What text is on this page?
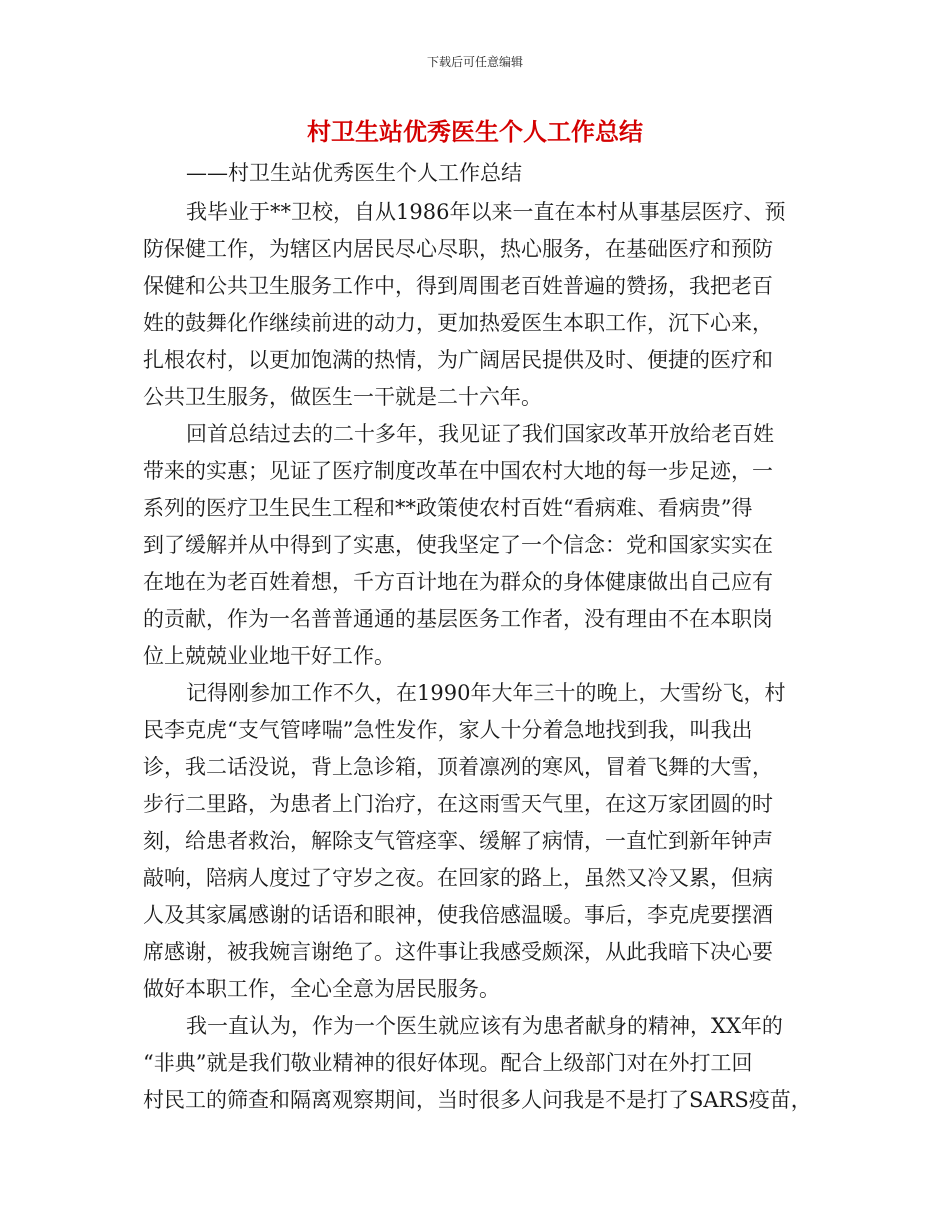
下载后可任意编辑
村卫生站优秀医生个人工作总结
——村卫生站优秀医生个人工作总结
我毕业于**卫校，自从1986年以来一直在本村从事基层医疗、预
防保健工作，为辖区内居民尽心尽职，热心服务，在基础医疗和预防
保健和公共卫生服务工作中，得到周围老百姓普遍的赞扬，我把老百
姓的鼓舞化作继续前进的动力，更加热爱医生本职工作，沉下心来，
扎根农村，以更加饱满的热情，为广阔居民提供及时、便捷的医疗和
公共卫生服务，做医生一干就是二十六年。
回首总结过去的二十多年，我见证了我们国家改革开放给老百姓
带来的实惠；见证了医疗制度改革在中国农村大地的每一步足迹，一
系列的医疗卫生民生工程和**政策使农村百姓“看病难、看病贵”得
到了缓解并从中得到了实惠，使我坚定了一个信念：党和国家实实在
在地在为老百姓着想，千方百计地在为群众的身体健康做出自己应有
的贡献，作为一名普普通通的基层医务工作者，没有理由不在本职岗
位上兢兢业业地干好工作。
记得刚参加工作不久，在1990年大年三十的晚上，大雪纷飞，村
民李克虎“支气管哮喘”急性发作，家人十分着急地找到我，叫我出
诊，我二话没说，背上急诊箱，顶着凛冽的寒风，冒着飞舞的大雪，
步行二里路，为患者上门治疗，在这雨雪天气里，在这万家团圆的时
刻，给患者救治，解除支气管痉挛、缓解了病情，一直忙到新年钟声
敲响，陪病人度过了守岁之夜。在回家的路上，虽然又冷又累，但病
人及其家属感谢的话语和眼神，使我倍感温暖。事后，李克虎要摆酒
席感谢，被我婉言谢绝了。这件事让我感受颇深，从此我暗下决心要
做好本职工作，全心全意为居民服务。
我一直认为，作为一个医生就应该有为患者献身的精神，XX年的
“非典”就是我们敬业精神的很好体现。配合上级部门对在外打工回
村民工的筛查和隔离观察期间，当时很多人问我是不是打了SARS疫苗，
